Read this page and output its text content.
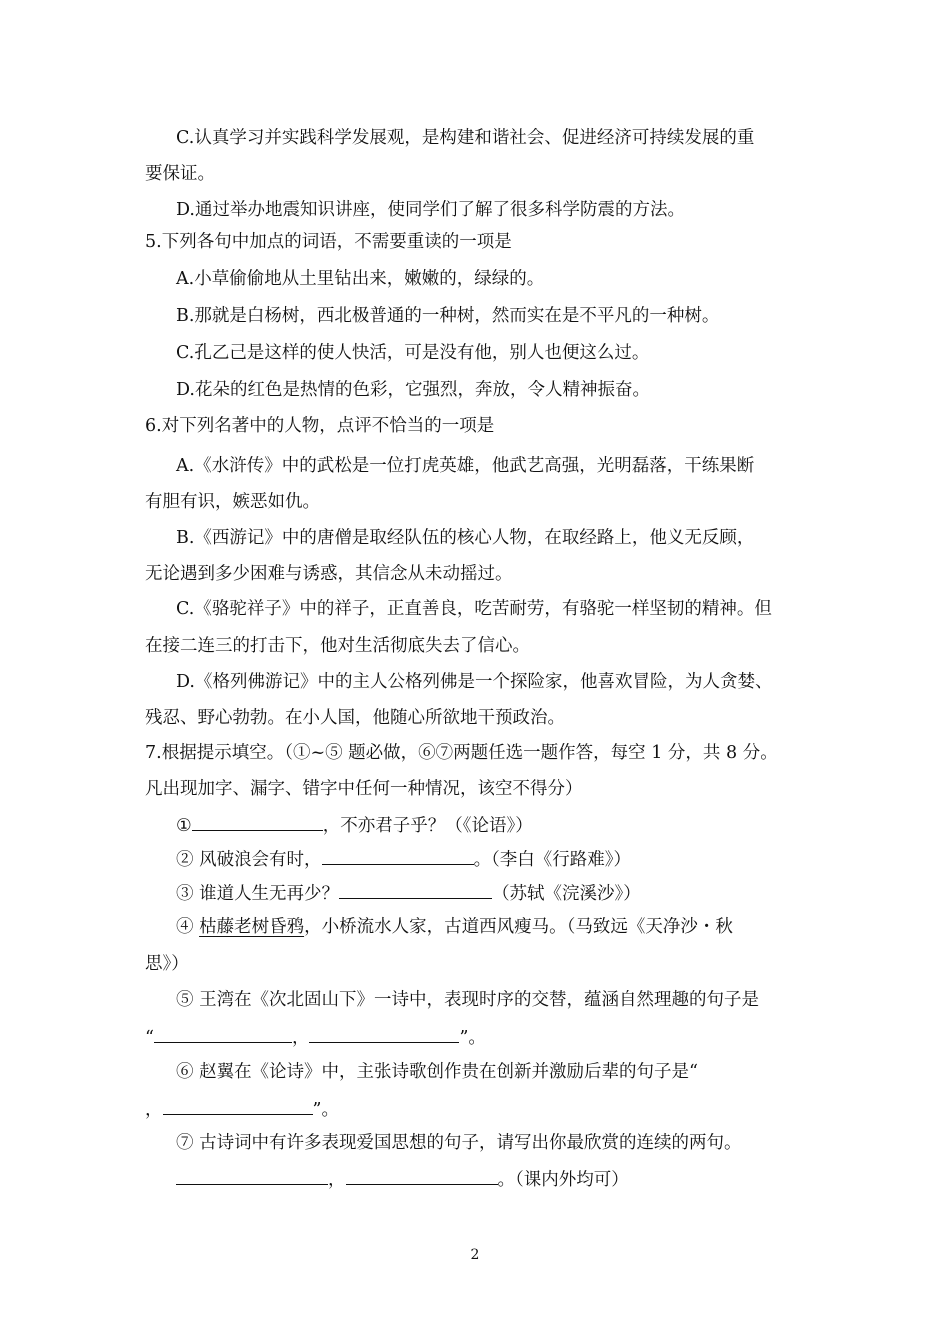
C.认真学习并实践科学发展观，是构建和谐社会、促进经济可持续发展的重
要保证。
D.通过举办地震知识讲座，使同学们了解了很多科学防震的方法。
5.下列各句中加点的词语，不需要重读的一项是
A.小草偷偷地从土里钻出来，嫩嫩的，绿绿的。
B.那就是白杨树，西北极普通的一种树，然而实在是不平凡的一种树。
C.孔乙己是这样的使人快活，可是没有他，别人也便这么过。
D.花朵的红色是热情的色彩，它强烈，奔放，令人精神振奋。
6.对下列名著中的人物，点评不恰当的一项是
A.《水浒传》中的武松是一位打虎英雄，他武艺高强，光明磊落，干练果断
有胆有识，嫉恶如仇。
B.《西游记》中的唐僧是取经队伍的核心人物，在取经路上，他义无反顾，
无论遇到多少困难与诱惑，其信念从未动摇过。
C.《骆驼祥子》中的祥子，正直善良，吃苦耐劳，有骆驼一样坚韧的精神。但
在接二连三的打击下，他对生活彻底失去了信心。
D.《格列佛游记》中的主人公格列佛是一个探险家，他喜欢冒险，为人贪婪、
残忍、野心勃勃。在小人国，他随心所欲地干预政治。
7.根据提示填空。（①~⑤ 题必做，⑥⑦两题任选一题作答，每空 1 分，共 8 分。
凡出现加字、漏字、错字中任何一种情况，该空不得分）
①	，不亦君子乎？（《论语》）
② 风破浪会有时，	。（李白《行路难》）
③ 谁道人生无再少？	（苏轼《浣溪沙》）
④ 枯藤老树昏鸦，小桥流水人家，古道西风瘦马。（马致远《天净沙・秋
思》）
⑤ 王湾在《次北固山下》一诗中，表现时序的交替，蕴涵自然理趣的句子是
“	，	”。
⑥ 赵翼在《论诗》中，主张诗歌创作贵在创新并激励后辈的句子是“
，	”。
⑦ 古诗词中有许多表现爱国思想的句子，请写出你最欣赏的连续的两句。
，	。（课内外均可）
2
